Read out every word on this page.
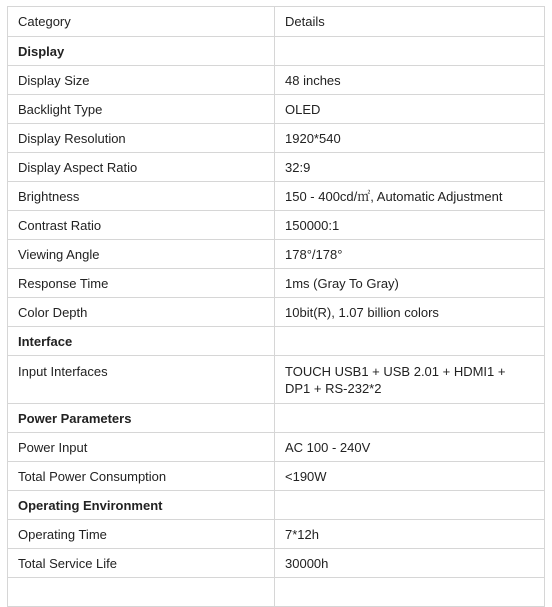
Category	Details
Display	
Display Size	48 inches
Backlight Type	OLED
Display Resolution	1920*540
Display Aspect Ratio	32:9
Brightness	150 - 400cd/㎡, Automatic Adjustment
Contrast Ratio	150000:1
Viewing Angle	178°/178°
Response Time	1ms (Gray To Gray)
Color Depth	10bit(R), 1.07 billion colors
Interface	
Input Interfaces	TOUCH USB1 + USB 2.01 + HDMI1 + DP1 + RS-232*2
Power Parameters	
Power Input	AC 100 - 240V
Total Power Consumption	<190W
Operating Environment	
Operating Time	7*12h
Total Service Life	30000h
